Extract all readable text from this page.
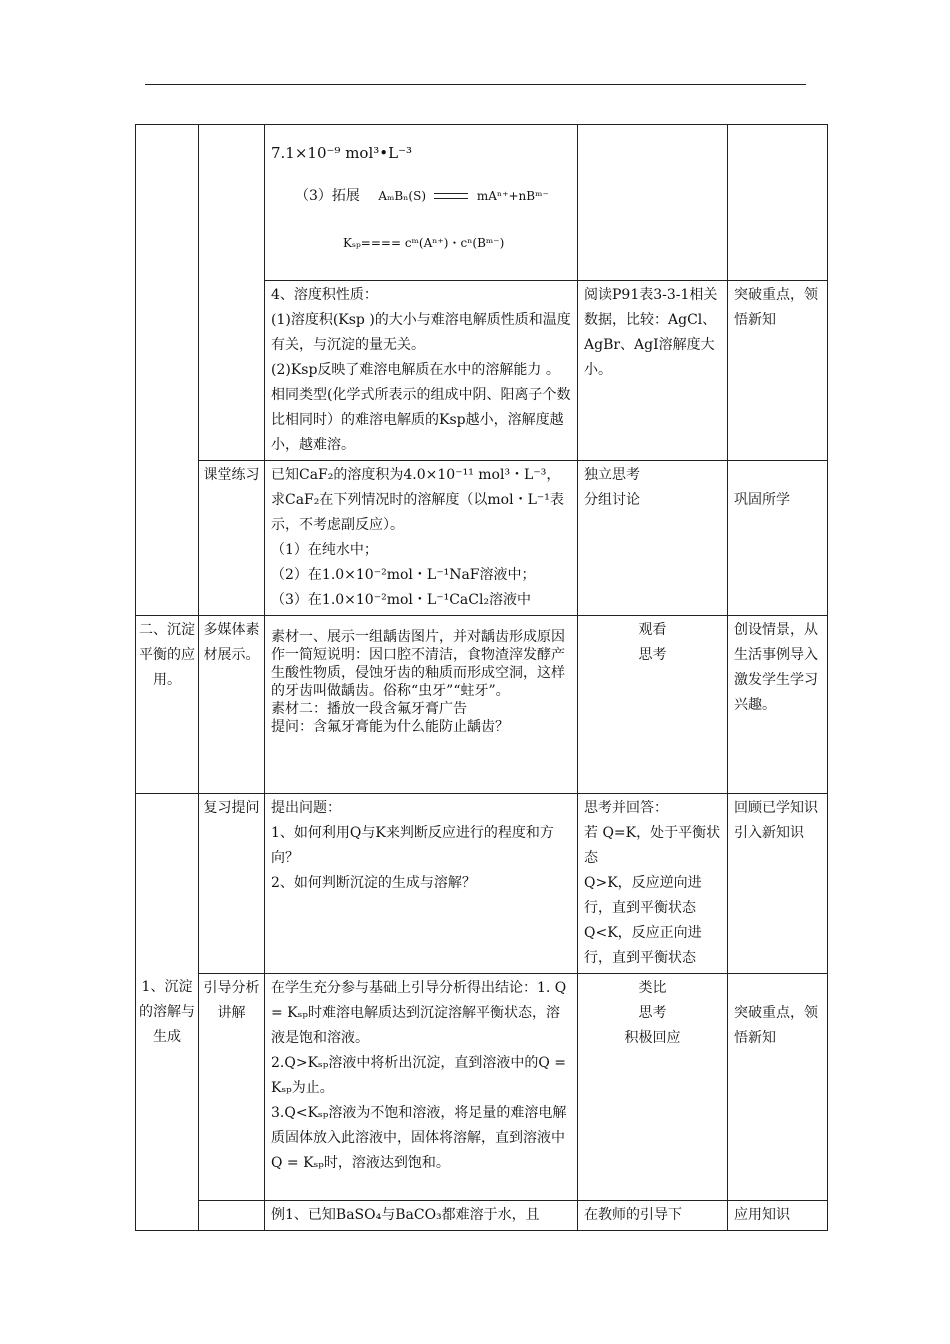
		7.1×10⁻⁹ mol³•L⁻³
（3）拓展 AₘBₙ(S) mAⁿ⁺+nBᵐ⁻
Kₛₚ==== cᵐ(Aⁿ⁺)・cⁿ(Bᵐ⁻)		

		4、溶度积性质：
(1)溶度积(Ksp )的大小与难溶电解质性质和温度有关，与沉淀的量无关。
(2)Ksp反映了难溶电解质在水中的溶解能力 。相同类型(化学式所表示的组成中阴、阳离子个数比相同时）的难溶电解质的Ksp越小，溶解度越小，越难溶。	阅读P91表3-3-1相关数据，比较：AgCl、AgBr、AgI溶解度大小。	突破重点，领悟新知
	课堂练习	已知CaF₂的溶度积为4.0×10⁻¹¹ mol³・L⁻³，求CaF₂在下列情况时的溶解度（以mol・L⁻¹表示，不考虑副反应）。
（1）在纯水中；
（2）在1.0×10⁻²mol・L⁻¹NaF溶液中；
（3）在1.0×10⁻²mol・L⁻¹CaCl₂溶液中	独立思考
分组讨论	巩固所学
二、沉淀平衡的应用。	多媒体素材展示。	素材一、展示一组龋齿图片，并对龋齿形成原因作一简短说明：因口腔不清洁，食物渣滓发酵产生酸性物质，侵蚀牙齿的釉质而形成空洞，这样的牙齿叫做龋齿。俗称“虫牙”“蛀牙”。
素材二：播放一段含氟牙膏广告
提问：含氟牙膏能为什么能防止龋齿？	观看
思考	创设情景，从生活事例导入激发学生学习兴趣。
1、沉淀的溶解与生成	复习提问	提出问题：
1、如何利用Q与K来判断反应进行的程度和方向？
2、如何判断沉淀的生成与溶解？	思考并回答：
若 Q=K，处于平衡状态
Q>K，反应逆向进行，直到平衡状态
Q<K，反应正向进行，直到平衡状态	回顾已学知识引入新知识
	引导分析讲解	在学生充分参与基础上引导分析得出结论：1. Q = Kₛₚ时难溶电解质达到沉淀溶解平衡状态，溶液是饱和溶液。
2.Q>Kₛₚ溶液中将析出沉淀，直到溶液中的Q = Kₛₚ为止。
3.Q<Kₛₚ溶液为不饱和溶液，将足量的难溶电解质固体放入此溶液中，固体将溶解，直到溶液中Q = Kₛₚ时，溶液达到饱和。	类比
思考
积极回应	突破重点，领悟新知
		例1、已知BaSO₄与BaCO₃都难溶于水，且	在教师的引导下	应用知识
